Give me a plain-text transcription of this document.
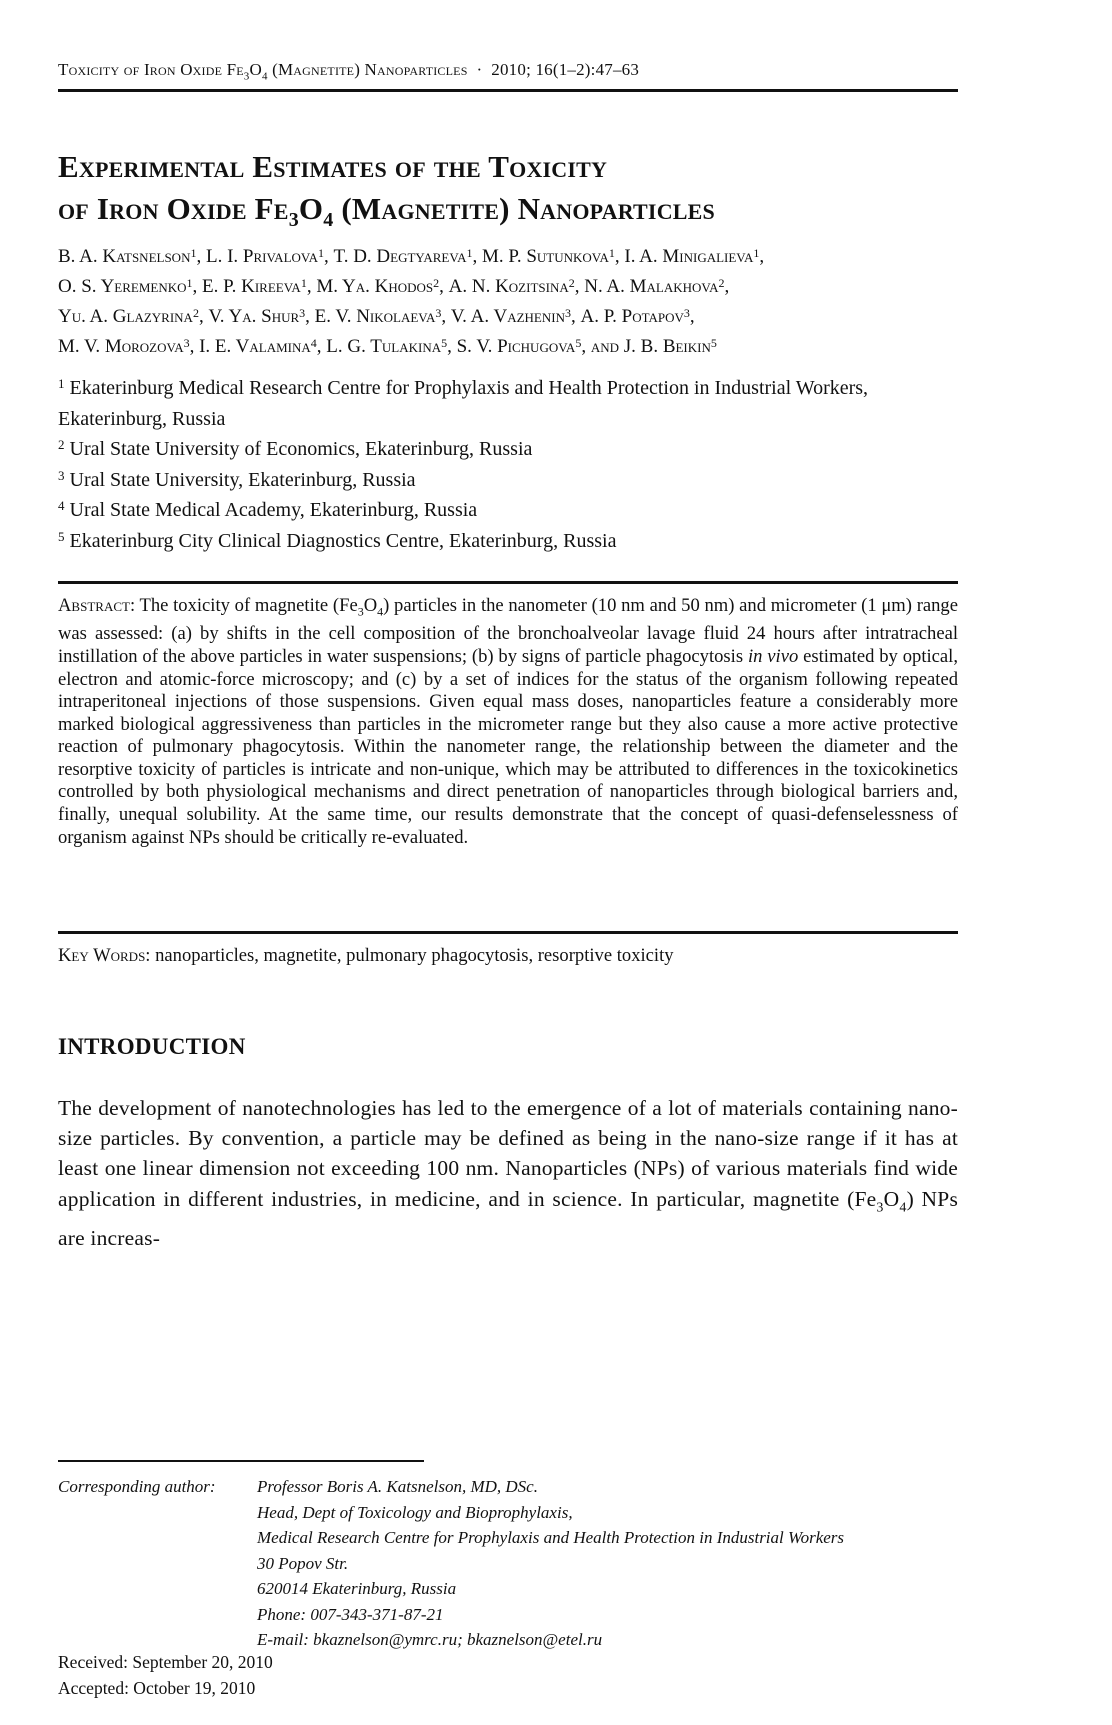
Toxicity of Iron Oxide $Fe_3O_4$ (Magnetite) Nanoparticles · 2010; 16(1–2):47–63
Experimental Estimates of the Toxicity
of Iron Oxide $Fe_3O_4$ (Magnetite) Nanoparticles
B. A. Katsnelson$^1$, L. I. Privalova$^1$, T. D. Degtyareva$^1$, M. P. Sutunkova$^1$, I. A. Minigalieva$^1$,
O. S. Yeremenko$^1$, E. P. Kireeva$^1$, M. Ya. Khodos$^2$, A. N. Kozitsina$^2$, N. A. Malakhova$^2$,
Yu. A. Glazyrina$^2$, V. Ya. Shur$^3$, E. V. Nikolaeva$^3$, V. A. Vazhenin$^3$, A. P. Potapov$^3$,
M. V. Morozova$^3$, I. E. Valamina$^4$, L. G. Tulakina$^5$, S. V. Pichugova$^5$, and J. B. Beikin$^5$
$^1$ Ekaterinburg Medical Research Centre for Prophylaxis and Health Protection in Industrial Workers, Ekaterinburg, Russia
$^2$ Ural State University of Economics, Ekaterinburg, Russia
$^3$ Ural State University, Ekaterinburg, Russia
$^4$ Ural State Medical Academy, Ekaterinburg, Russia
$^5$ Ekaterinburg City Clinical Diagnostics Centre, Ekaterinburg, Russia
Abstract: The toxicity of magnetite $(Fe_3O_4)$ particles in the nanometer (10 nm and 50 nm) and micrometer (1 μm) range was assessed: (a) by shifts in the cell composition of the bronchoalveolar lavage fluid 24 hours after intratracheal instillation of the above particles in water suspensions; (b) by signs of particle phagocytosis in vivo estimated by optical, electron and atomic-force microscopy; and (c) by a set of indices for the status of the organism following repeated intraperitoneal injections of those suspensions. Given equal mass doses, nanoparticles feature a considerably more marked biological aggressiveness than particles in the micrometer range but they also cause a more active protective reaction of pulmonary phagocytosis. Within the nanometer range, the relationship between the diameter and the resorptive toxicity of particles is intricate and non-unique, which may be attributed to differences in the toxicokinetics controlled by both physiological mechanisms and direct penetration of nanoparticles through biological barriers and, finally, unequal solubility. At the same time, our results demonstrate that the concept of quasi-defenselessness of organism against NPs should be critically re-evaluated.
Key Words: nanoparticles, magnetite, pulmonary phagocytosis, resorptive toxicity
INTRODUCTION
The development of nanotechnologies has led to the emergence of a lot of materials containing nano-size particles. By convention, a particle may be defined as being in the nano-size range if it has at least one linear dimension not exceeding 100 nm. Nanoparticles (NPs) of various materials find wide application in different industries, in medicine, and in science. In particular, magnetite $(Fe_3O_4)$ NPs are increas-
Corresponding author: Professor Boris A. Katsnelson, MD, DSc.
Head, Dept of Toxicology and Bioprophylaxis,
Medical Research Centre for Prophylaxis and Health Protection in Industrial Workers
30 Popov Str.
620014 Ekaterinburg, Russia
Phone: 007-343-371-87-21
E-mail: bkaznelson@ymrc.ru; bkaznelson@etel.ru
Received: September 20, 2010
Accepted: October 19, 2010
